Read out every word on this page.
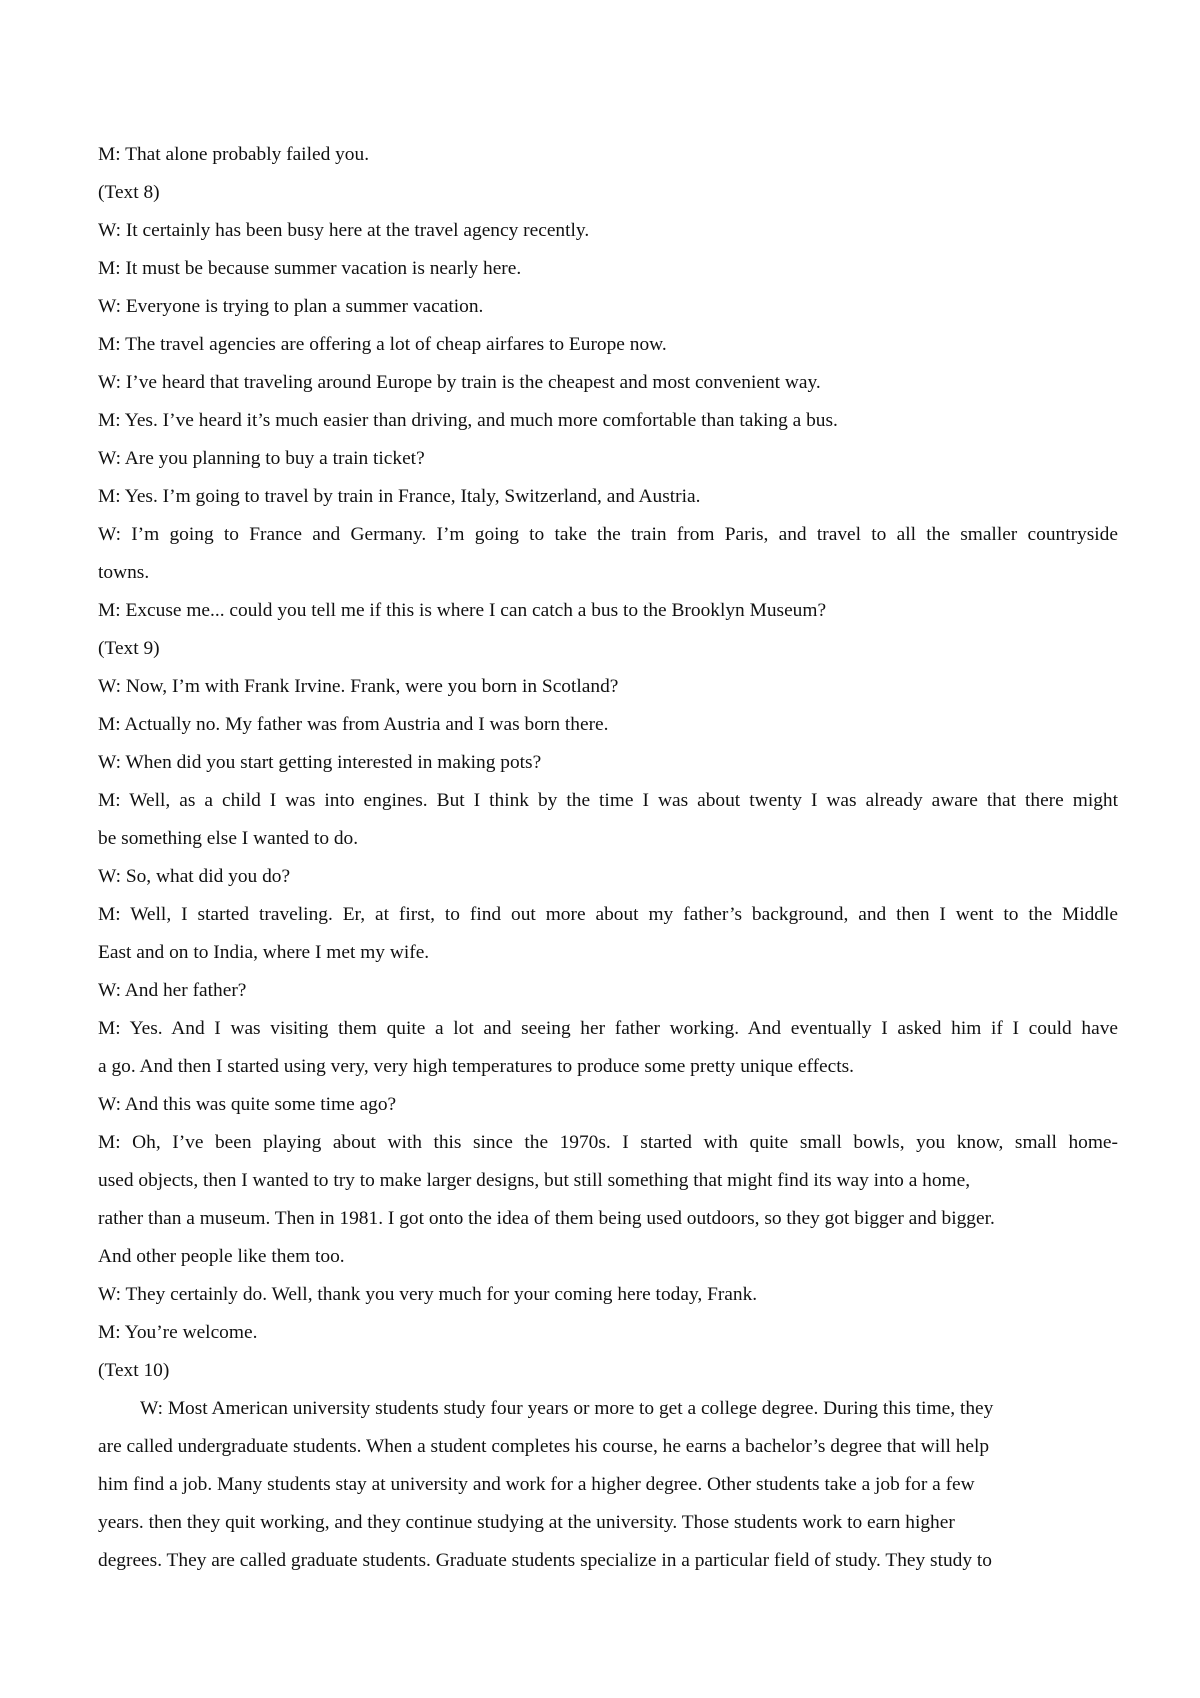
M: That alone probably failed you.
(Text 8)
W: It certainly has been busy here at the travel agency recently.
M: It must be because summer vacation is nearly here.
W: Everyone is trying to plan a summer vacation.
M: The travel agencies are offering a lot of cheap airfares to Europe now.
W: I’ve heard that traveling around Europe by train is the cheapest and most convenient way.
M: Yes. I’ve heard it’s much easier than driving, and much more comfortable than taking a bus.
W: Are you planning to buy a train ticket?
M: Yes. I’m going to travel by train in France, Italy, Switzerland, and Austria.
W: I’m going to France and Germany. I’m going to take the train from Paris, and travel to all the smaller countryside
towns.
M: Excuse me... could you tell me if this is where I can catch a bus to the Brooklyn Museum?
(Text 9)
W: Now, I’m with Frank Irvine. Frank, were you born in Scotland?
M: Actually no. My father was from Austria and I was born there.
W: When did you start getting interested in making pots?
M: Well, as a child I was into engines. But I think by the time I was about twenty I was already aware that there might
be something else I wanted to do.
W: So, what did you do?
M: Well, I started traveling. Er, at first, to find out more about my father’s background, and then I went to the Middle
East and on to India, where I met my wife.
W: And her father?
M: Yes. And I was visiting them quite a lot and seeing her father working. And eventually I asked him if I could have
a go. And then I started using very, very high temperatures to produce some pretty unique effects.
W: And this was quite some time ago?
M: Oh, I’ve been playing about with this since the 1970s. I started with quite small bowls, you know, small home-
used objects, then I wanted to try to make larger designs, but still something that might find its way into a home,
rather than a museum. Then in 1981. I got onto the idea of them being used outdoors, so they got bigger and bigger.
And other people like them too.
W: They certainly do. Well, thank you very much for your coming here today, Frank.
M: You’re welcome.
(Text 10)
W: Most American university students study four years or more to get a college degree. During this time, they
are called undergraduate students. When a student completes his course, he earns a bachelor’s degree that will help
him find a job. Many students stay at university and work for a higher degree. Other students take a job for a few
years. then they quit working, and they continue studying at the university. Those students work to earn higher
degrees. They are called graduate students. Graduate students specialize in a particular field of study. They study to
